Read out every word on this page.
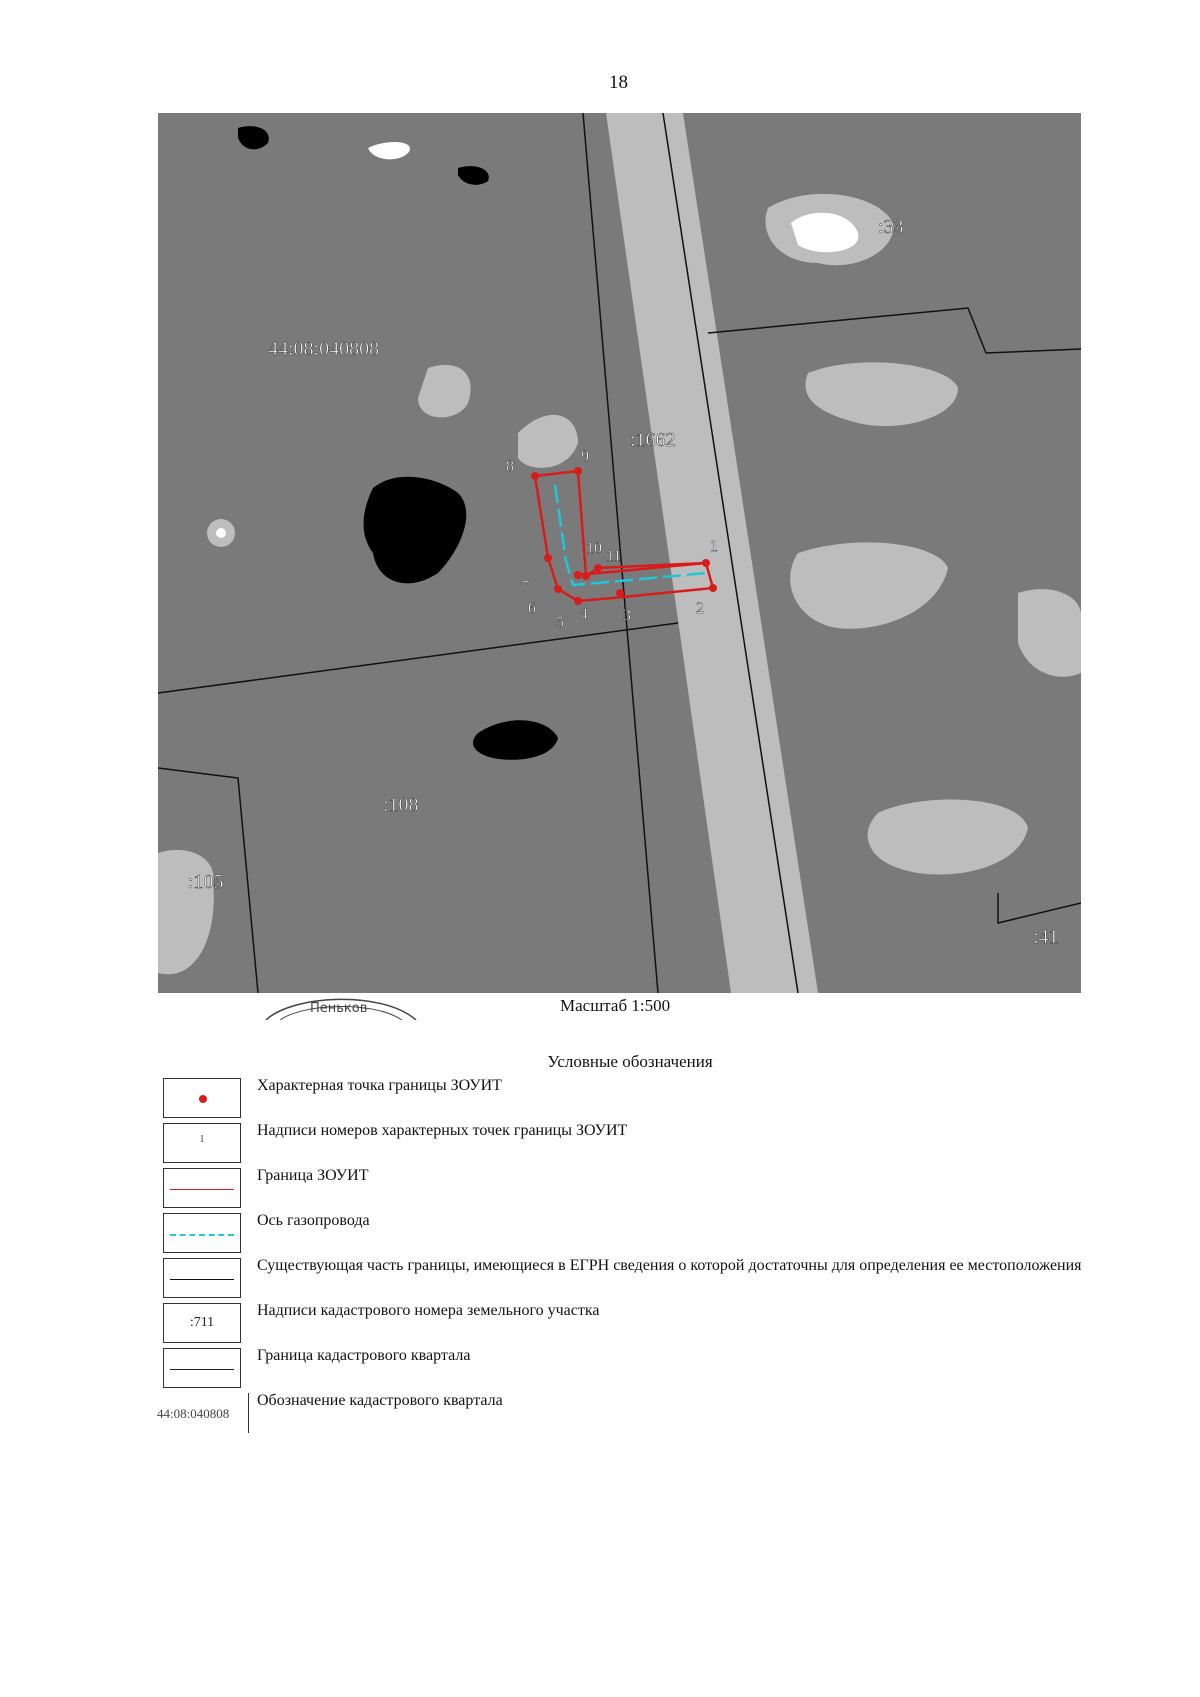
18
1
2
3
4
5
6
7
8
9
10 11
44:08:040808
:33
:1662
:108
:105
:41
Пеньков	Масштаб 1:500
Условные обозначения
Характерная точка границы ЗОУИТ
1
Надписи номеров характерных точек границы ЗОУИТ
Граница ЗОУИТ
Ось газопровода
Существующая часть границы, имеющиеся в ЕГРН сведения о которой достаточны для определения ее местоположения
:711
Надписи кадастрового номера земельного участка
Граница кадастрового квартала
44:08:040808
Обозначение кадастрового квартала
